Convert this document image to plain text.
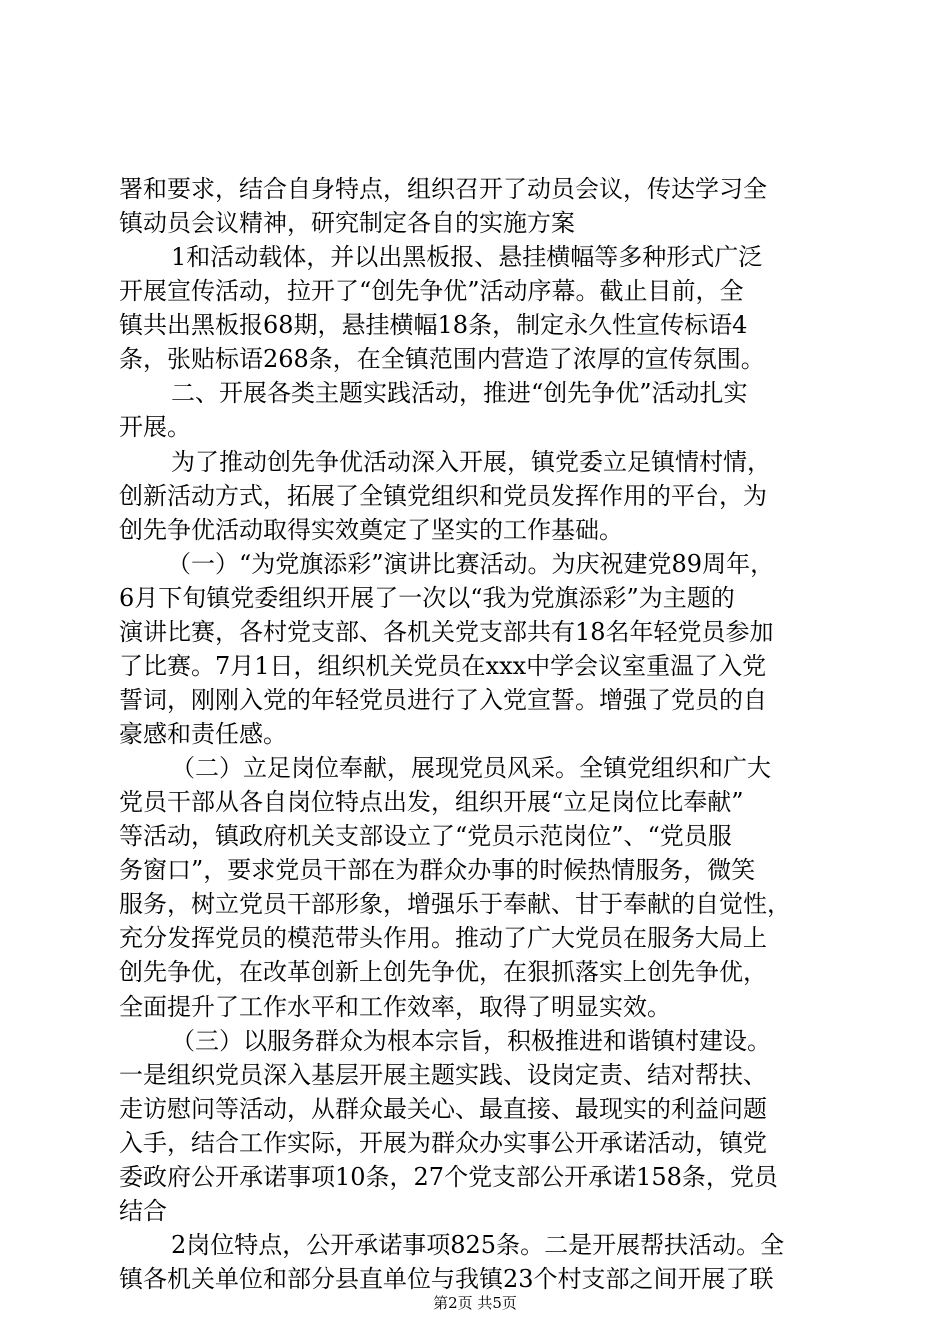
署和要求，结合自身特点，组织召开了动员会议，传达学习全
镇动员会议精神，研究制定各自的实施方案
1和活动载体，并以出黑板报、悬挂横幅等多种形式广泛
开展宣传活动，拉开了“创先争优”活动序幕。截止目前，全
镇共出黑板报68期，悬挂横幅18条，制定永久性宣传标语4
条，张贴标语268条，在全镇范围内营造了浓厚的宣传氛围。
二、开展各类主题实践活动，推进“创先争优”活动扎实
开展。
为了推动创先争优活动深入开展，镇党委立足镇情村情，
创新活动方式，拓展了全镇党组织和党员发挥作用的平台，为
创先争优活动取得实效奠定了坚实的工作基础。
（一）“为党旗添彩”演讲比赛活动。为庆祝建党89周年，
6月下旬镇党委组织开展了一次以“我为党旗添彩”为主题的
演讲比赛，各村党支部、各机关党支部共有18名年轻党员参加
了比赛。7月1日，组织机关党员在xxx中学会议室重温了入党
誓词，刚刚入党的年轻党员进行了入党宣誓。增强了党员的自
豪感和责任感。
（二）立足岗位奉献，展现党员风采。全镇党组织和广大
党员干部从各自岗位特点出发，组织开展“立足岗位比奉献”
等活动，镇政府机关支部设立了“党员示范岗位”、“党员服
务窗口”，要求党员干部在为群众办事的时候热情服务，微笑
服务，树立党员干部形象，增强乐于奉献、甘于奉献的自觉性，
充分发挥党员的模范带头作用。推动了广大党员在服务大局上
创先争优，在改革创新上创先争优，在狠抓落实上创先争优，
全面提升了工作水平和工作效率，取得了明显实效。
（三）以服务群众为根本宗旨，积极推进和谐镇村建设。
一是组织党员深入基层开展主题实践、设岗定责、结对帮扶、
走访慰问等活动，从群众最关心、最直接、最现实的利益问题
入手，结合工作实际，开展为群众办实事公开承诺活动，镇党
委政府公开承诺事项10条，27个党支部公开承诺158条，党员
结合
2岗位特点，公开承诺事项825条。二是开展帮扶活动。全
镇各机关单位和部分县直单位与我镇23个村支部之间开展了联
第2页 共5页
